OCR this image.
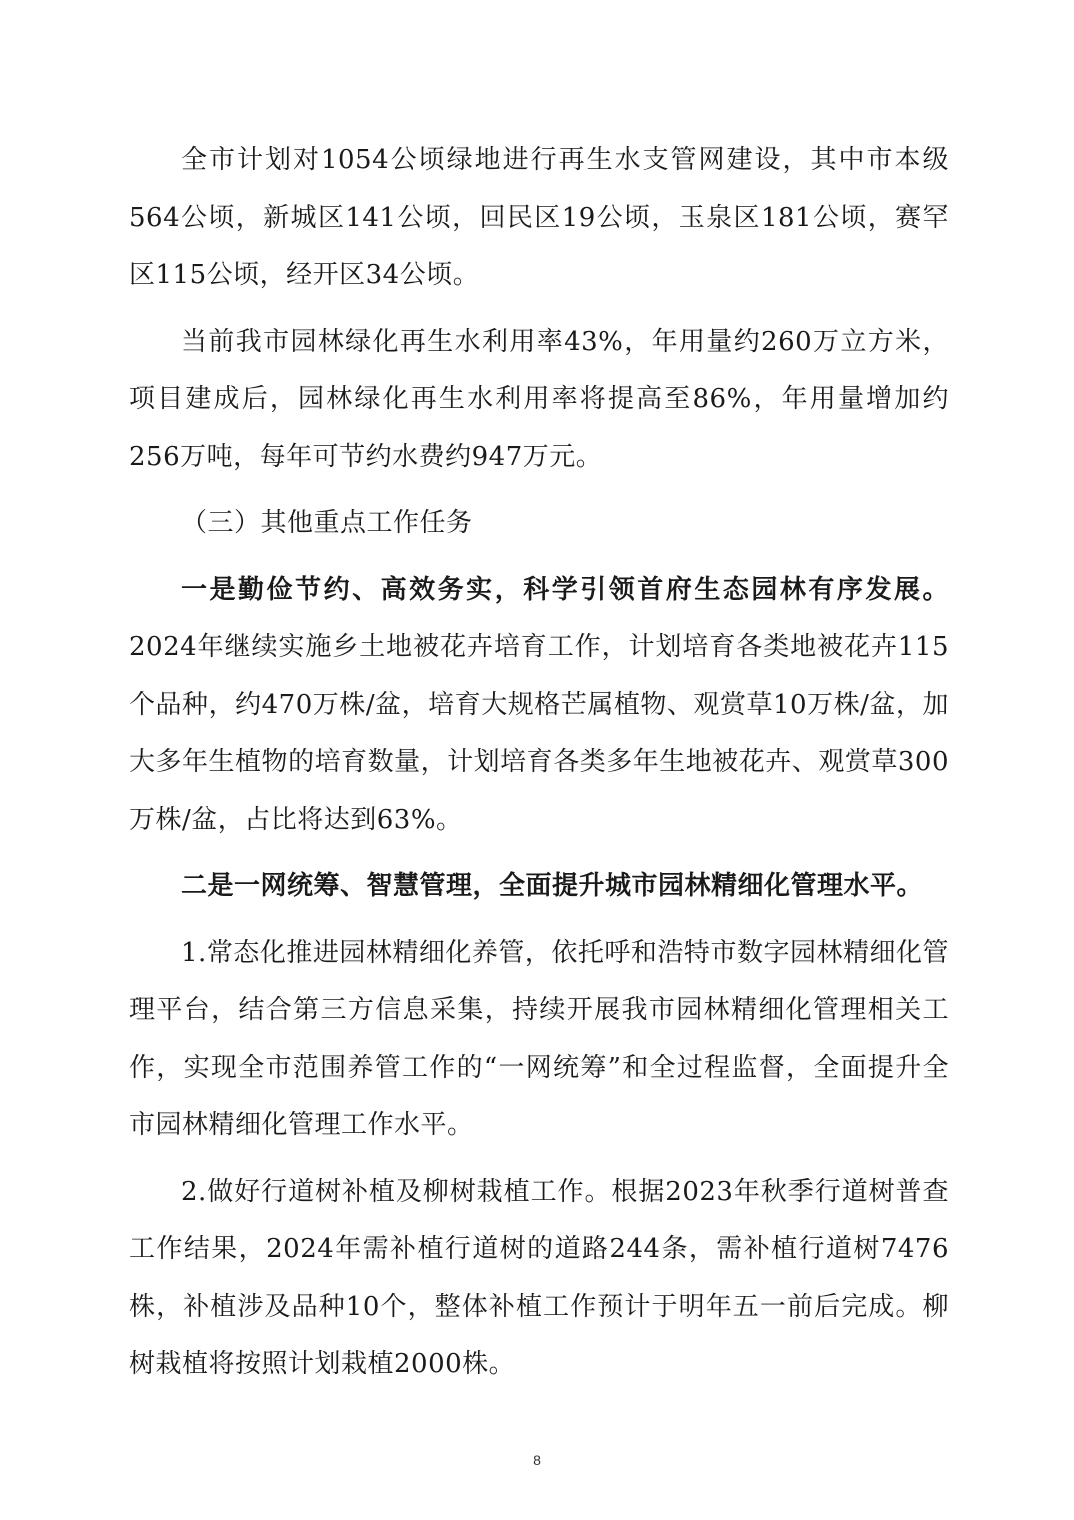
全市计划对1054公顷绿地进行再生水支管网建设，其中市本级564公顷，新城区141公顷，回民区19公顷，玉泉区181公顷，赛罕区115公顷，经开区34公顷。

当前我市园林绿化再生水利用率43%，年用量约260万立方米，项目建成后，园林绿化再生水利用率将提高至86%，年用量增加约256万吨，每年可节约水费约947万元。

（三）其他重点工作任务

一是勤俭节约、高效务实，科学引领首府生态园林有序发展。2024年继续实施乡土地被花卉培育工作，计划培育各类地被花卉115个品种，约470万株/盆，培育大规格芒属植物、观赏草10万株/盆，加大多年生植物的培育数量，计划培育各类多年生地被花卉、观赏草300万株/盆，占比将达到63%。

二是一网统筹、智慧管理，全面提升城市园林精细化管理水平。

1.常态化推进园林精细化养管，依托呼和浩特市数字园林精细化管理平台，结合第三方信息采集，持续开展我市园林精细化管理相关工作，实现全市范围养管工作的“一网统筹”和全过程监督，全面提升全市园林精细化管理工作水平。

2.做好行道树补植及柳树栽植工作。根据2023年秋季行道树普查工作结果，2024年需补植行道树的道路244条，需补植行道树7476株，补植涉及品种10个，整体补植工作预计于明年五一前后完成。柳树栽植将按照计划栽植2000株。

8
